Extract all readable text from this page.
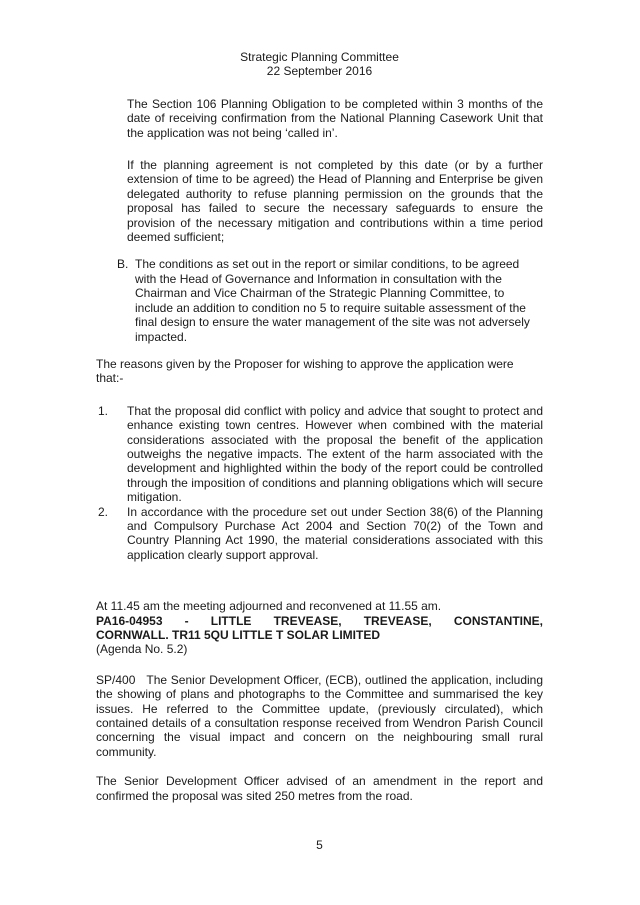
Strategic Planning Committee

22 September 2016

The Section 106 Planning Obligation to be completed within 3 months of the date of receiving confirmation from the National Planning Casework Unit that the application was not being ‘called in’.

If the planning agreement is not completed by this date (or by a further extension of time to be agreed) the Head of Planning and Enterprise be given delegated authority to refuse planning permission on the grounds that the proposal has failed to secure the necessary safeguards to ensure the provision of the necessary mitigation and contributions within a time period deemed sufficient;

B. The conditions as set out in the report or similar conditions, to be agreed with the Head of Governance and Information in consultation with the Chairman and Vice Chairman of the Strategic Planning Committee, to include an addition to condition no 5 to require suitable assessment of the final design to ensure the water management of the site was not adversely impacted.

The reasons given by the Proposer for wishing to approve the application were that:-

1.	That the proposal did conflict with policy and advice that sought to protect and enhance existing town centres. However when combined with the material considerations associated with the proposal the benefit of the application outweighs the negative impacts. The extent of the harm associated with the development and highlighted within the body of the report could be controlled through the imposition of conditions and planning obligations which will secure mitigation.
2.	In accordance with the procedure set out under Section 38(6) of the Planning and Compulsory Purchase Act 2004 and Section 70(2) of the Town and Country Planning Act 1990, the material considerations associated with this application clearly support approval.

At 11.45 am the meeting adjourned and reconvened at 11.55 am.

PA16-04953 - LITTLE TREVEASE, TREVEASE, CONSTANTINE,

CORNWALL. TR11 5QU LITTLE T SOLAR LIMITED

(Agenda No. 5.2)

SP/400 The Senior Development Officer, (ECB), outlined the application, including the showing of plans and photographs to the Committee and summarised the key issues. He referred to the Committee update, (previously circulated), which contained details of a consultation response received from Wendron Parish Council concerning the visual impact and concern on the neighbouring small rural community.

The Senior Development Officer advised of an amendment in the report and confirmed the proposal was sited 250 metres from the road.

5
